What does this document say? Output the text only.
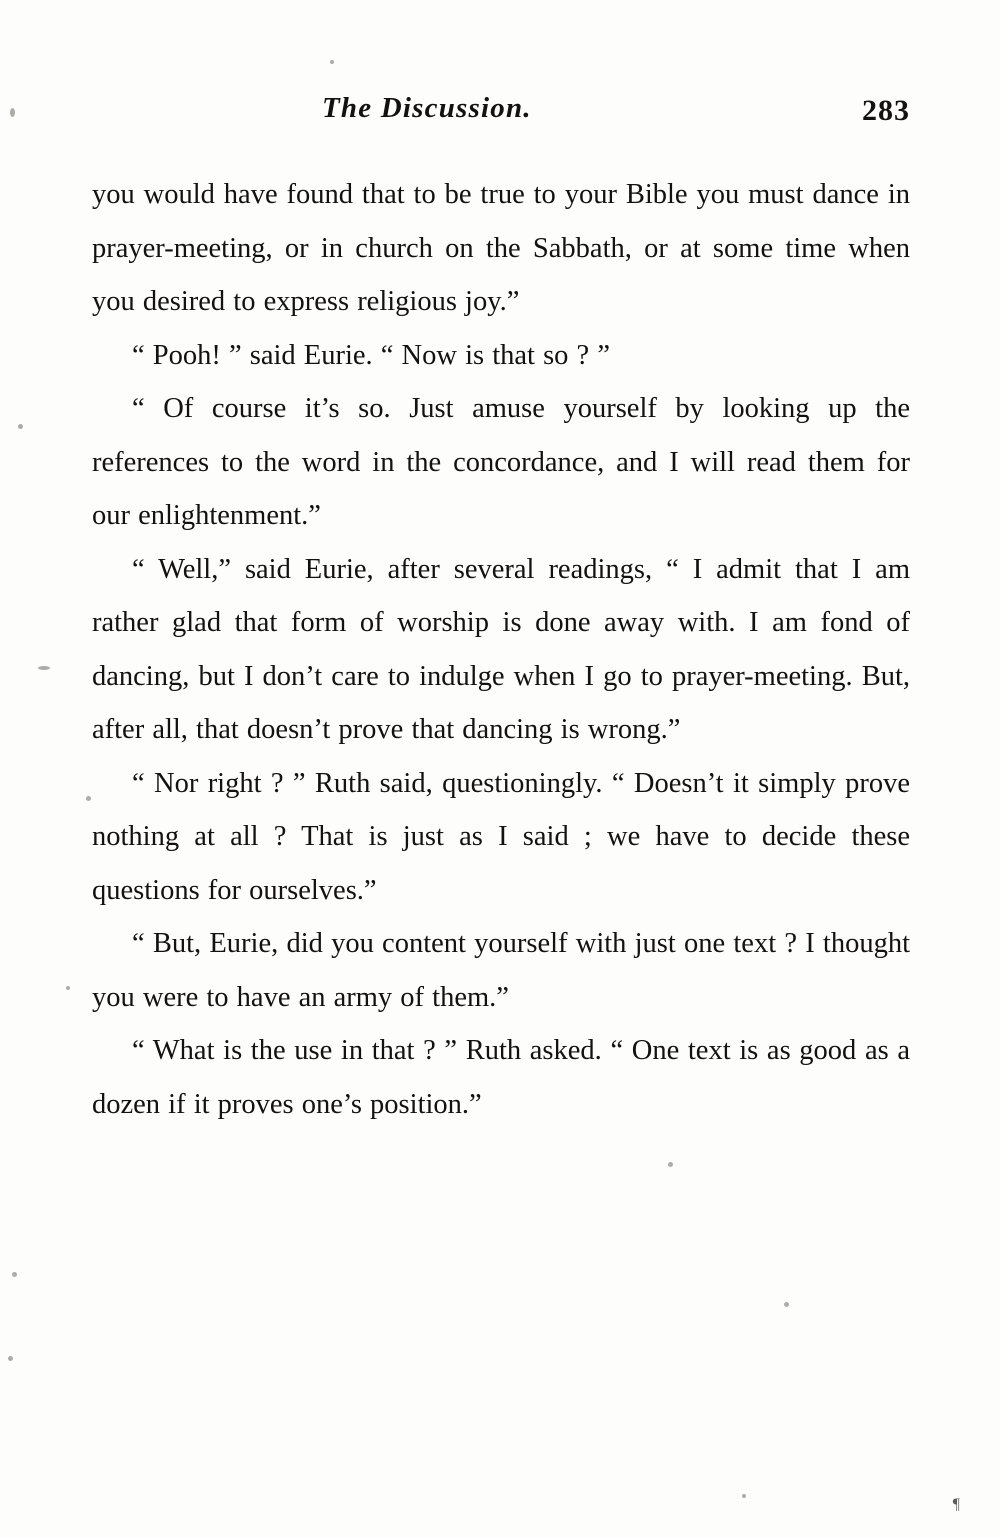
The Discussion.	283

you would have found that to be true to your Bible you must dance in prayer-meeting, or in church on the Sabbath, or at some time when you desired to express religious joy.”

“ Pooh! ” said Eurie. “ Now is that so ? ”

“ Of course it’s so. Just amuse yourself by looking up the references to the word in the concordance, and I will read them for our enlightenment.”

“ Well,” said Eurie, after several readings, “ I admit that I am rather glad that form of worship is done away with. I am fond of dancing, but I don’t care to indulge when I go to prayer-meeting. But, after all, that doesn’t prove that dancing is wrong.”

“ Nor right ? ” Ruth said, questioningly. “ Doesn’t it simply prove nothing at all ? That is just as I said ; we have to decide these questions for ourselves.”

“ But, Eurie, did you content yourself with just one text ? I thought you were to have an army of them.”

“ What is the use in that ? ” Ruth asked. “ One text is as good as a dozen if it proves one’s position.”

¶
